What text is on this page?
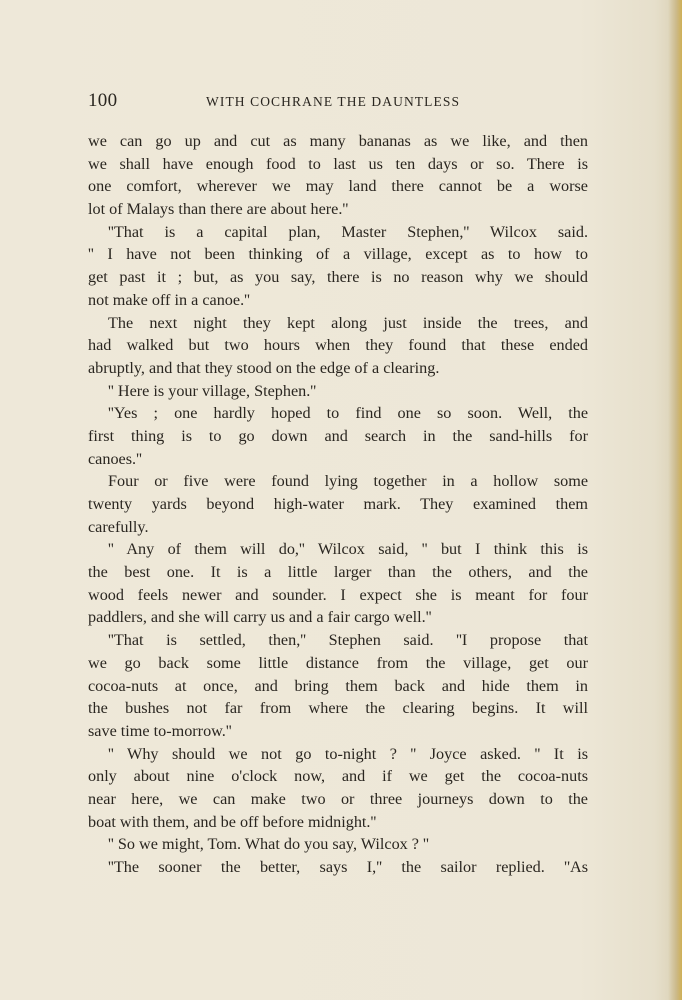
100	WITH COCHRANE THE DAUNTLESS
we can go up and cut as many bananas as we like, and then
we shall have enough food to last us ten days or so. There is
one comfort, wherever we may land there cannot be a worse
lot of Malays than there are about here.''
''That is a capital plan, Master Stephen,'' Wilcox said.
'' I have not been thinking of a village, except as to how to
get past it ; but, as you say, there is no reason why we should
not make off in a canoe.''
The next night they kept along just inside the trees, and
had walked but two hours when they found that these ended
abruptly, and that they stood on the edge of a clearing.
'' Here is your village, Stephen.''
''Yes ; one hardly hoped to find one so soon. Well, the
first thing is to go down and search in the sand-hills for
canoes.''
Four or five were found lying together in a hollow some
twenty yards beyond high-water mark. They examined them
carefully.
'' Any of them will do,'' Wilcox said, '' but I think this is
the best one. It is a little larger than the others, and the
wood feels newer and sounder. I expect she is meant for four
paddlers, and she will carry us and a fair cargo well.''
''That is settled, then,'' Stephen said. ''I propose that
we go back some little distance from the village, get our
cocoa-nuts at once, and bring them back and hide them in
the bushes not far from where the clearing begins. It will
save time to-morrow.''
'' Why should we not go to-night ? '' Joyce asked. '' It is
only about nine o'clock now, and if we get the cocoa-nuts
near here, we can make two or three journeys down to the
boat with them, and be off before midnight.''
'' So we might, Tom. What do you say, Wilcox ? ''
''The sooner the better, says I,'' the sailor replied. ''As
